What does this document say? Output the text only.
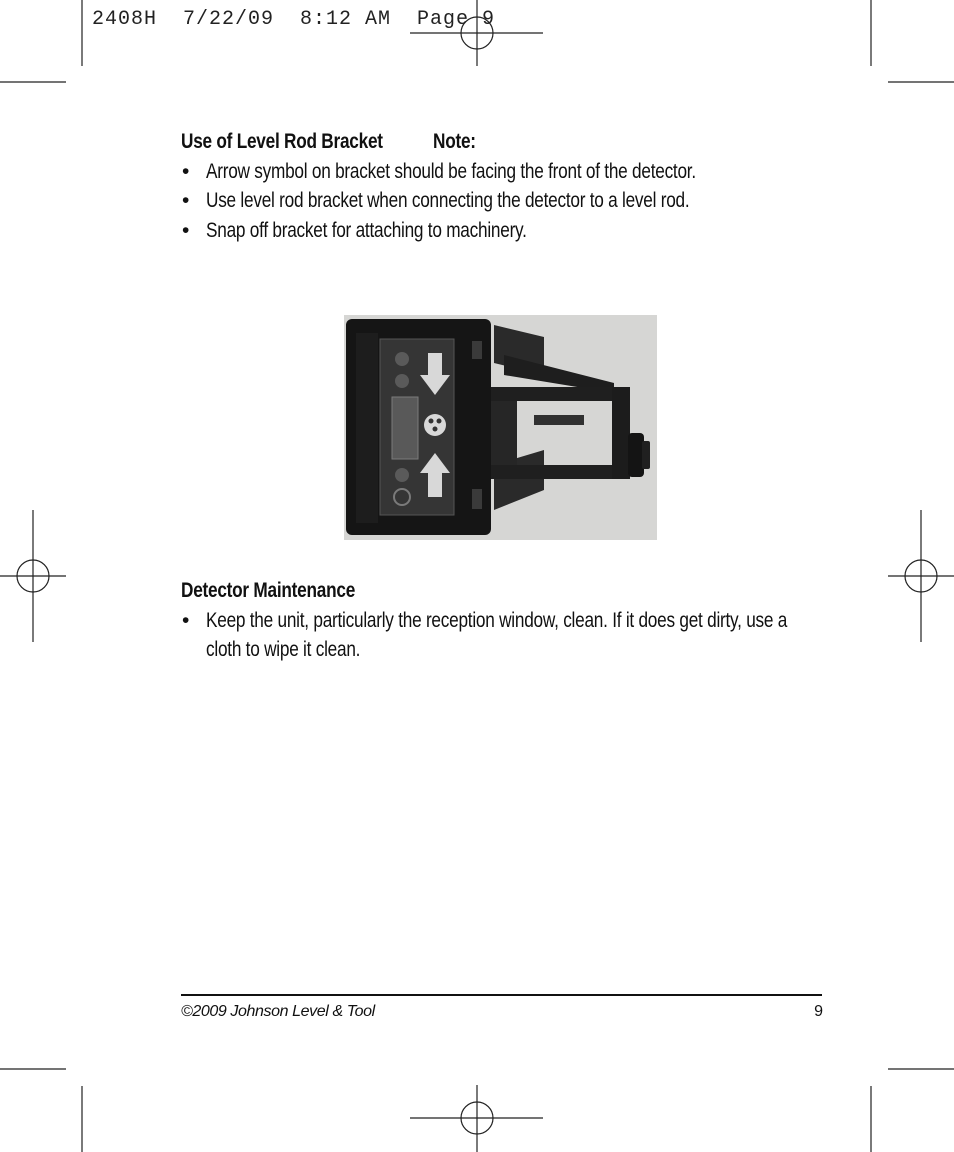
2408H  7/22/09  8:12 AM  Page 9
Use of Level Rod Bracket Note:
• Arrow symbol on bracket should be facing the front of the detector.
• Use level rod bracket when connecting the detector to a level rod.
• Snap off bracket for attaching to machinery.
Detector Maintenance
• Keep the unit, particularly the reception window, clean. If it does get dirty, use a cloth to wipe it clean.
©2009 Johnson Level & Tool	9
